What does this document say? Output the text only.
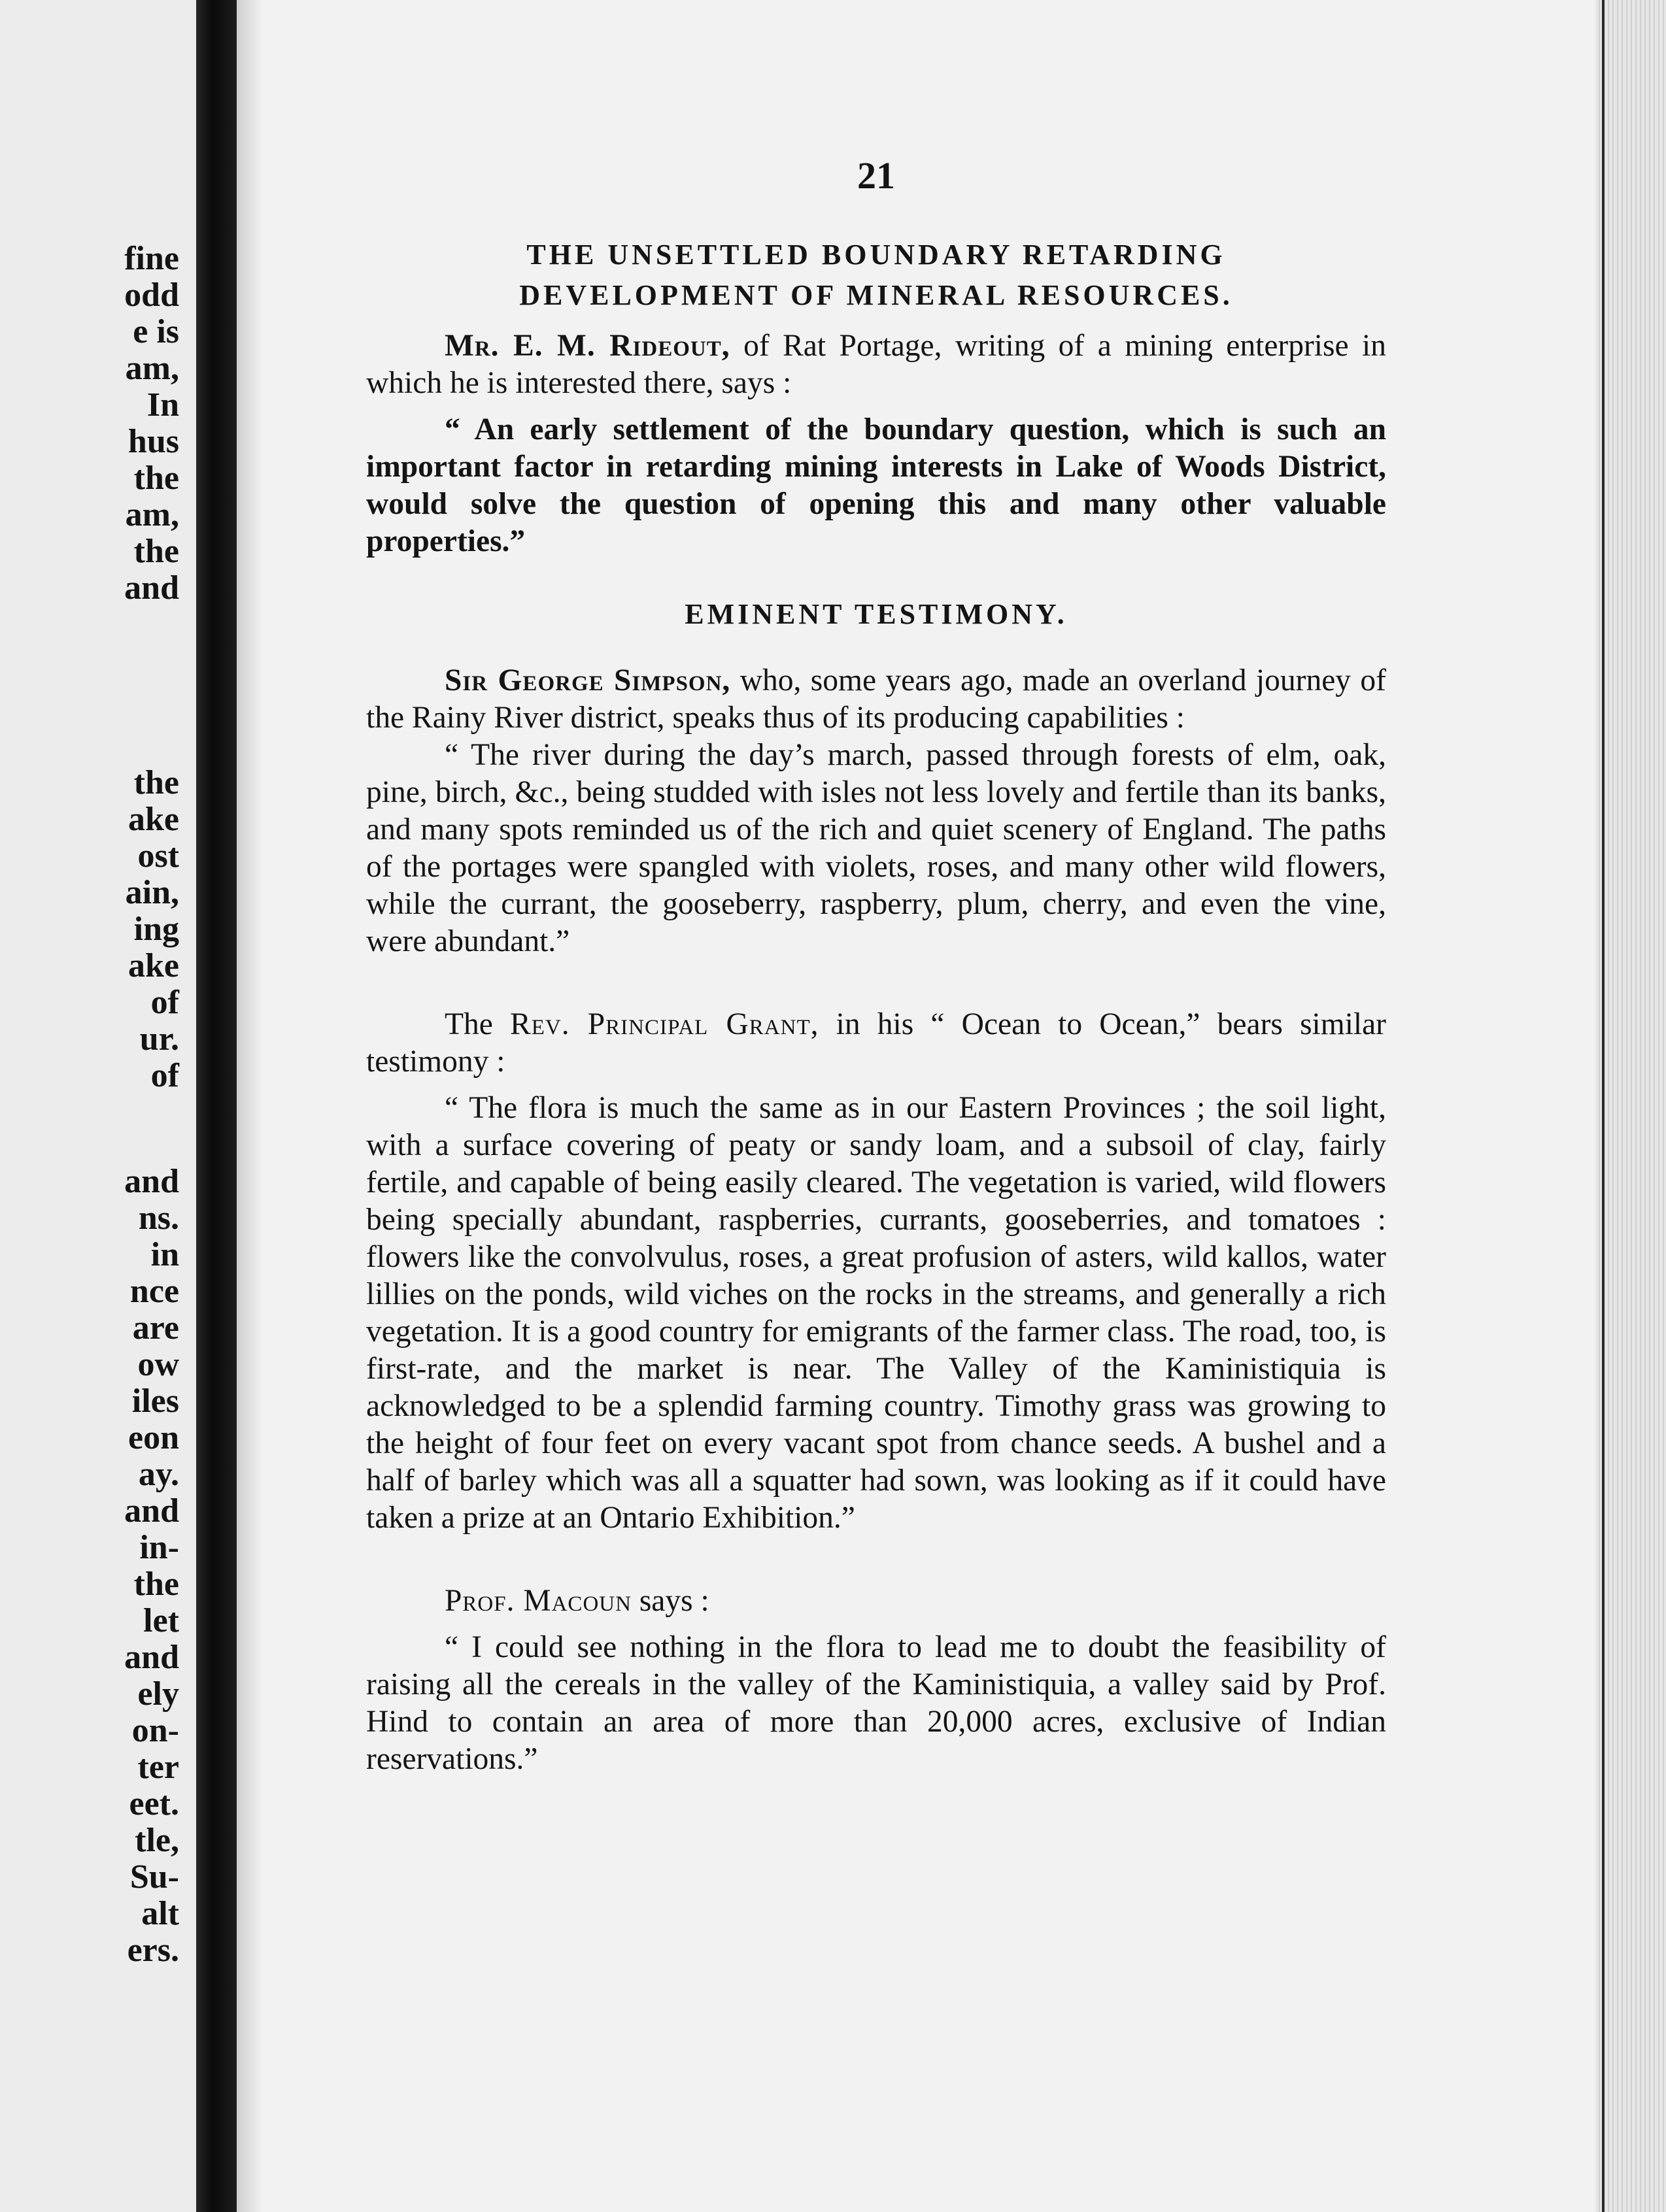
fine
odd
e is
am,
In
hus
the
am,
the
and
the
ake
ost
ain,
ing
ake
of
ur.
of
and
ns.
in
nce
are
ow
iles
eon
ay.
and
in-
the
let
and
ely
on-
ter
eet.
tle,
Su-
alt
ers.
21
THE UNSETTLED BOUNDARY RETARDING
DEVELOPMENT OF MINERAL RESOURCES.

Mr. E. M. Rideout, of Rat Portage, writing of a mining enterprise in which he is interested there, says :

“ An early settlement of the boundary question, which is such an important factor in retarding mining interests in Lake of Woods District, would solve the question of opening this and many other valuable properties.”

EMINENT TESTIMONY.

Sir George Simpson, who, some years ago, made an overland journey of the Rainy River district, speaks thus of its producing capabilities :

“ The river during the day’s march, passed through forests of elm, oak, pine, birch, &c., being studded with isles not less lovely and fertile than its banks, and many spots reminded us of the rich and quiet scenery of England. The paths of the portages were spangled with violets, roses, and many other wild flowers, while the currant, the gooseberry, raspberry, plum, cherry, and even the vine, were abundant.”

The Rev. Principal Grant, in his “ Ocean to Ocean,” bears similar testimony :

“ The flora is much the same as in our Eastern Provinces ; the soil light, with a surface covering of peaty or sandy loam, and a subsoil of clay, fairly fertile, and capable of being easily cleared. The vegetation is varied, wild flowers being specially abundant, raspberries, currants, gooseberries, and tomatoes : flowers like the convolvulus, roses, a great profusion of asters, wild kallos, water lillies on the ponds, wild viches on the rocks in the streams, and generally a rich vegetation. It is a good country for emigrants of the farmer class. The road, too, is first-rate, and the market is near. The Valley of the Kaministiquia is acknowledged to be a splendid farming country. Timothy grass was growing to the height of four feet on every vacant spot from chance seeds. A bushel and a half of barley which was all a squatter had sown, was looking as if it could have taken a prize at an Ontario Exhibition.”

Prof. Macoun says :

“ I could see nothing in the flora to lead me to doubt the feasibility of raising all the cereals in the valley of the Kaministiquia, a valley said by Prof. Hind to contain an area of more than 20,000 acres, exclusive of Indian reservations.”
